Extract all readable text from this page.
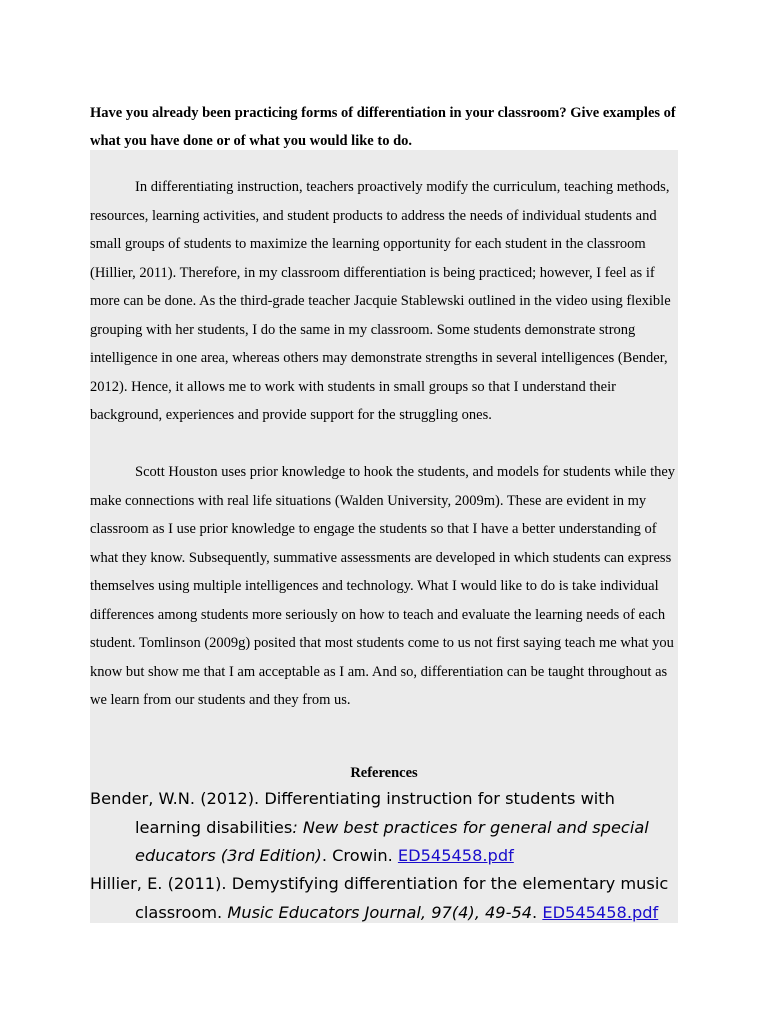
Have you already been practicing forms of differentiation in your classroom? Give examples of what you have done or of what you would like to do.
In differentiating instruction, teachers proactively modify the curriculum, teaching methods, resources, learning activities, and student products to address the needs of individual students and small groups of students to maximize the learning opportunity for each student in the classroom (Hillier, 2011). Therefore, in my classroom differentiation is being practiced; however, I feel as if more can be done. As the third-grade teacher Jacquie Stablewski outlined in the video using flexible grouping with her students, I do the same in my classroom. Some students demonstrate strong intelligence in one area, whereas others may demonstrate strengths in several intelligences (Bender, 2012). Hence, it allows me to work with students in small groups so that I understand their background, experiences and provide support for the struggling ones.
Scott Houston uses prior knowledge to hook the students, and models for students while they make connections with real life situations (Walden University, 2009m). These are evident in my classroom as I use prior knowledge to engage the students so that I have a better understanding of what they know. Subsequently, summative assessments are developed in which students can express themselves using multiple intelligences and technology. What I would like to do is take individual differences among students more seriously on how to teach and evaluate the learning needs of each student. Tomlinson (2009g) posited that most students come to us not first saying teach me what you know but show me that I am acceptable as I am. And so, differentiation can be taught throughout as we learn from our students and they from us.
References
Bender, W.N. (2012). Differentiating instruction for students with learning disabilities: New best practices for general and special educators (3rd Edition). Crowin. ED545458.pdf
Hillier, E. (2011). Demystifying differentiation for the elementary music classroom. Music Educators Journal, 97(4), 49-54. ED545458.pdf
